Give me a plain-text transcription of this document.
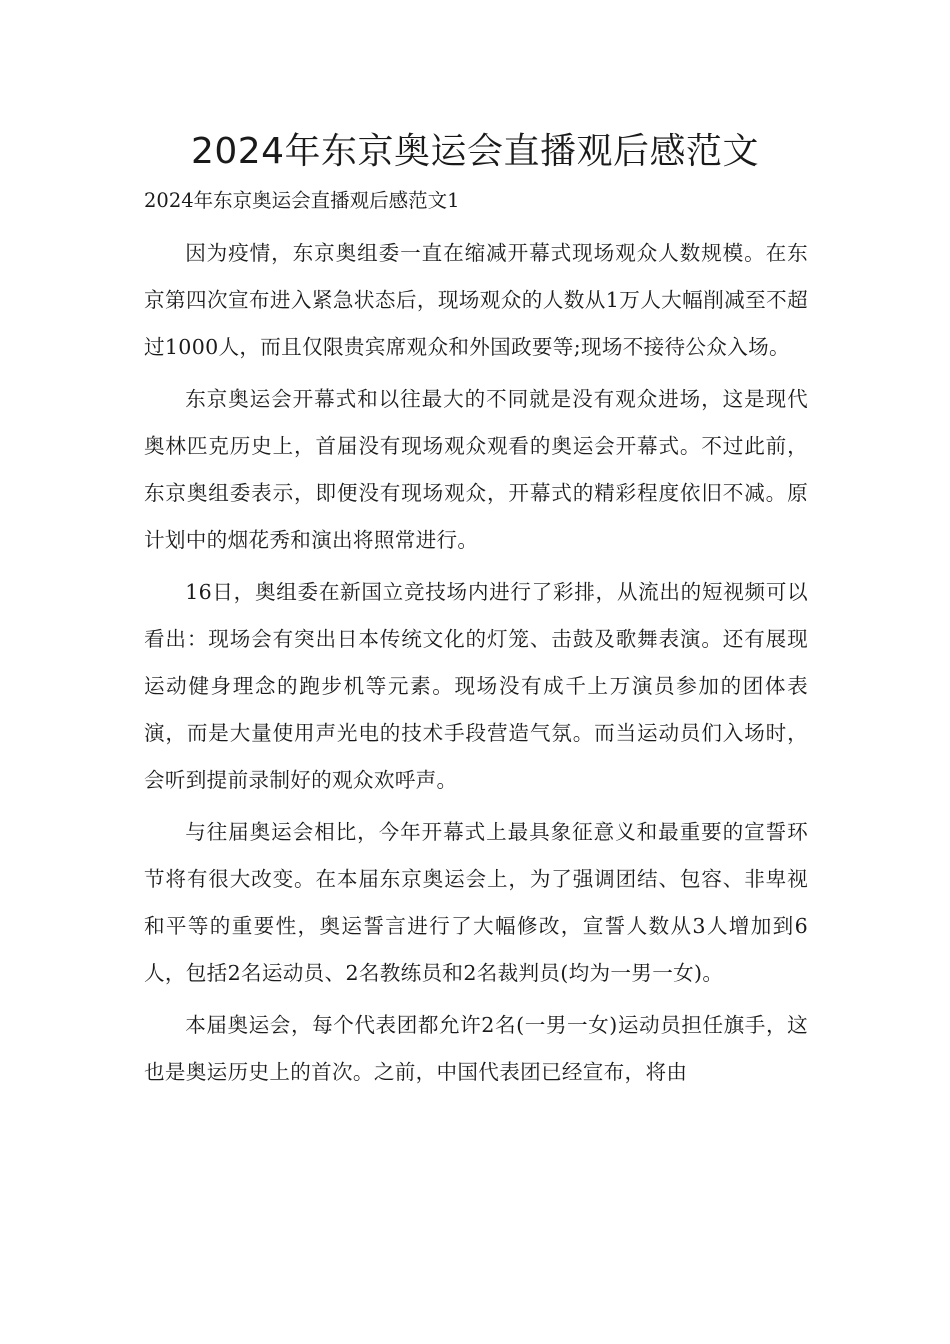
2024年东京奥运会直播观后感范文

2024年东京奥运会直播观后感范文1

因为疫情，东京奥组委一直在缩减开幕式现场观众人数规模。在东京第四次宣布进入紧急状态后，现场观众的人数从1万人大幅削减至不超过1000人，而且仅限贵宾席观众和外国政要等;现场不接待公众入场。

东京奥运会开幕式和以往最大的不同就是没有观众进场，这是现代奥林匹克历史上，首届没有现场观众观看的奥运会开幕式。不过此前，东京奥组委表示，即便没有现场观众，开幕式的精彩程度依旧不减。原计划中的烟花秀和演出将照常进行。

16日，奥组委在新国立竞技场内进行了彩排，从流出的短视频可以看出：现场会有突出日本传统文化的灯笼、击鼓及歌舞表演。还有展现运动健身理念的跑步机等元素。现场没有成千上万演员参加的团体表演，而是大量使用声光电的技术手段营造气氛。而当运动员们入场时，会听到提前录制好的观众欢呼声。

与往届奥运会相比，今年开幕式上最具象征意义和最重要的宣誓环节将有很大改变。在本届东京奥运会上，为了强调团结、包容、非卑视和平等的重要性，奥运誓言进行了大幅修改，宣誓人数从3人增加到6人，包括2名运动员、2名教练员和2名裁判员(均为一男一女)。

本届奥运会，每个代表团都允许2名(一男一女)运动员担任旗手，这也是奥运历史上的首次。之前，中国代表团已经宣布，将由
